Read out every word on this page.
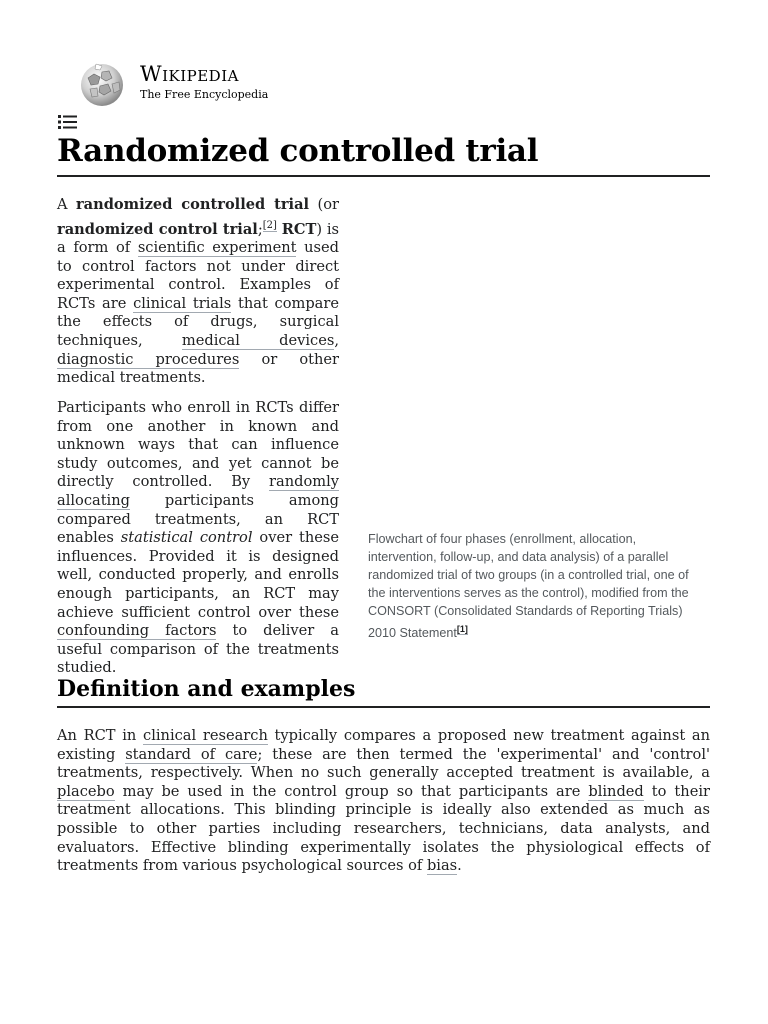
Wikipedia
The Free Encyclopedia
Randomized controlled trial

A randomized controlled trial (or randomized control trial;[2] RCT) is a form of scientific experiment used to control factors not under direct experimental control. Examples of RCTs are clinical trials that compare the effects of drugs, surgical techniques, medical devices, diagnostic procedures or other medical treatments.

Participants who enroll in RCTs differ from one another in known and unknown ways that can influence study outcomes, and yet cannot be directly controlled. By randomly allocating participants among compared treatments, an RCT enables statistical control over these influences. Provided it is designed well, conducted properly, and enrolls enough participants, an RCT may achieve sufficient control over these confounding factors to deliver a useful comparison of the treatments studied.

Flowchart of four phases (enrollment, allocation, intervention, follow-up, and data analysis) of a parallel randomized trial of two groups (in a controlled trial, one of the interventions serves as the control), modified from the CONSORT (Consolidated Standards of Reporting Trials) 2010 Statement[1]
Definition and examples

An RCT in clinical research typically compares a proposed new treatment against an existing standard of care; these are then termed the 'experimental' and 'control' treatments, respectively. When no such generally accepted treatment is available, a placebo may be used in the control group so that participants are blinded to their treatment allocations. This blinding principle is ideally also extended as much as possible to other parties including researchers, technicians, data analysts, and evaluators. Effective blinding experimentally isolates the physiological effects of treatments from various psychological sources of bias.
